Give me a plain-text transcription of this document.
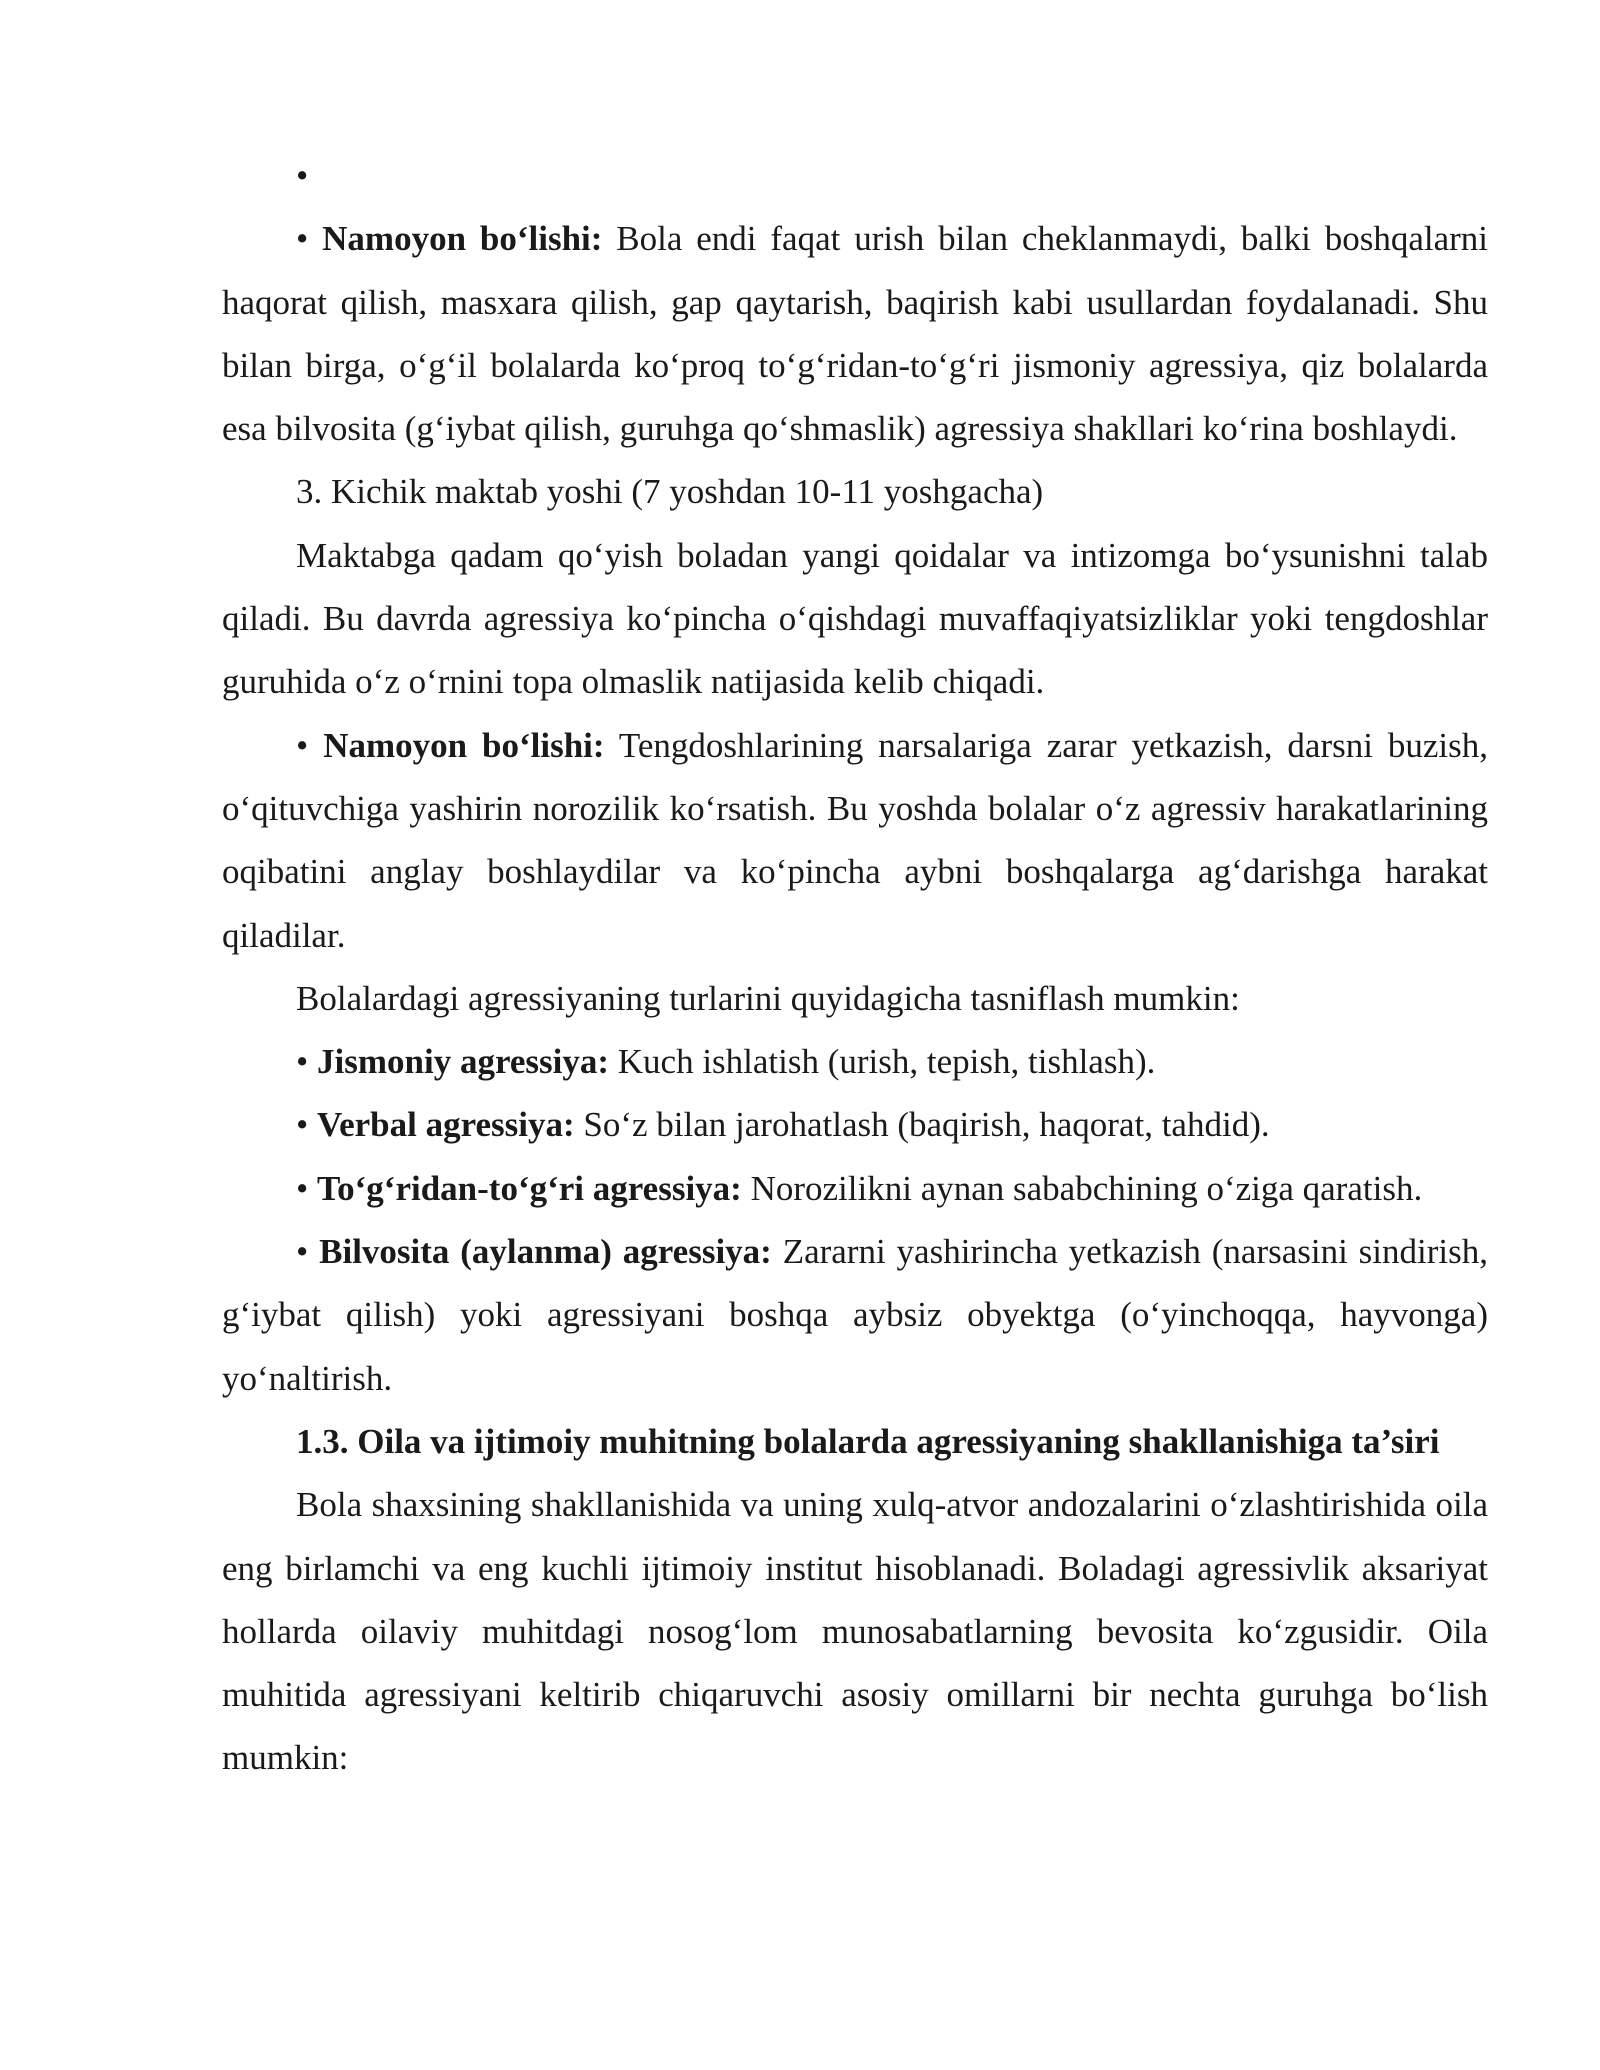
•

• Namoyon bo‘lishi: Bola endi faqat urish bilan cheklanmaydi, balki boshqalarni haqorat qilish, masxara qilish, gap qaytarish, baqirish kabi usullardan foydalanadi. Shu bilan birga, o‘g‘il bolalarda ko‘proq to‘g‘ridan-to‘g‘ri jismoniy agressiya, qiz bolalarda esa bilvosita (g‘iybat qilish, guruhga qo‘shmaslik) agressiya shakllari ko‘rina boshlaydi.

3. Kichik maktab yoshi (7 yoshdan 10-11 yoshgacha)

Maktabga qadam qo‘yish boladan yangi qoidalar va intizomga bo‘ysunishni talab qiladi. Bu davrda agressiya ko‘pincha o‘qishdagi muvaffaqiyatsizliklar yoki tengdoshlar guruhida o‘z o‘rnini topa olmaslik natijasida kelib chiqadi.

• Namoyon bo‘lishi: Tengdoshlarining narsalariga zarar yetkazish, darsni buzish, o‘qituvchiga yashirin norozilik ko‘rsatish. Bu yoshda bolalar o‘z agressiv harakatlarining oqibatini anglay boshlaydilar va ko‘pincha aybni boshqalarga ag‘darishga harakat qiladilar.

Bolalardagi agressiyaning turlarini quyidagicha tasniflash mumkin:

• Jismoniy agressiya: Kuch ishlatish (urish, tepish, tishlash).

• Verbal agressiya: So‘z bilan jarohatlash (baqirish, haqorat, tahdid).

• To‘g‘ridan-to‘g‘ri agressiya: Norozilikni aynan sababchining o‘ziga qaratish.

• Bilvosita (aylanma) agressiya: Zararni yashirincha yetkazish (narsasini sindirish, g‘iybat qilish) yoki agressiyani boshqa aybsiz obyektga (o‘yinchoqqa, hayvonga) yo‘naltirish.

1.3. Oila va ijtimoiy muhitning bolalarda agressiyaning shakllanishiga ta’siri

Bola shaxsining shakllanishida va uning xulq-atvor andozalarini o‘zlashtirishida oila eng birlamchi va eng kuchli ijtimoiy institut hisoblanadi. Boladagi agressivlik aksariyat hollarda oilaviy muhitdagi nosog‘lom munosabatlarning bevosita ko‘zgusidir. Oila muhitida agressiyani keltirib chiqaruvchi asosiy omillarni bir nechta guruhga bo‘lish mumkin:
